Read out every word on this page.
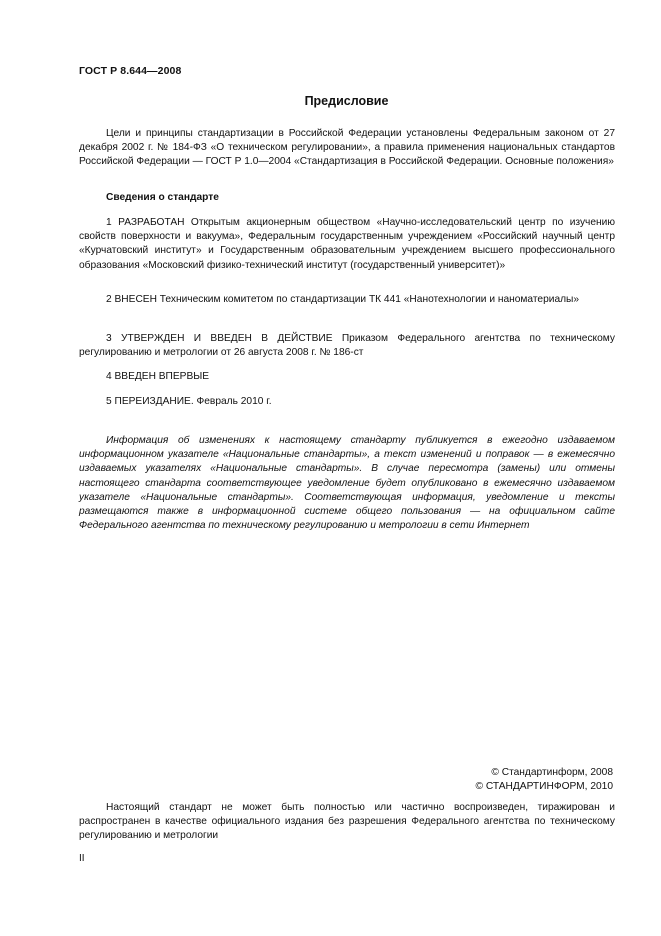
ГОСТ Р 8.644—2008
Предисловие

Цели и принципы стандартизации в Российской Федерации установлены Федеральным законом от 27 декабря 2002 г. № 184-ФЗ «О техническом регулировании», а правила применения национальных стандартов Российской Федерации — ГОСТ Р 1.0—2004 «Стандартизация в Российской Федерации. Основные положения»

Сведения о стандарте

1 РАЗРАБОТАН Открытым акционерным обществом «Научно-исследовательский центр по изучению свойств поверхности и вакуума», Федеральным государственным учреждением «Российский научный центр «Курчатовский институт» и Государственным образовательным учреждением высшего профессионального образования «Московский физико-технический институт (государственный университет)»

2 ВНЕСЕН Техническим комитетом по стандартизации ТК 441 «Нанотехнологии и наноматериалы»

3 УТВЕРЖДЕН И ВВЕДЕН В ДЕЙСТВИЕ Приказом Федерального агентства по техническому регулированию и метрологии от 26 августа 2008 г. № 186-ст

4 ВВЕДЕН ВПЕРВЫЕ

5 ПЕРЕИЗДАНИЕ. Февраль 2010 г.

Информация об изменениях к настоящему стандарту публикуется в ежегодно издаваемом информационном указателе «Национальные стандарты», а текст изменений и поправок — в ежемесячно издаваемых указателях «Национальные стандарты». В случае пересмотра (замены) или отмены настоящего стандарта соответствующее уведомление будет опубликовано в ежемесячно издаваемом указателе «Национальные стандарты». Соответствующая информация, уведомление и тексты размещаются также в информационной системе общего пользования — на официальном сайте Федерального агентства по техническому регулированию и метрологии в сети Интернет

© Стандартинформ, 2008
© СТАНДАРТИНФОРМ, 2010

Настоящий стандарт не может быть полностью или частично воспроизведен, тиражирован и распространен в качестве официального издания без разрешения Федерального агентства по техническому регулированию и метрологии

II
